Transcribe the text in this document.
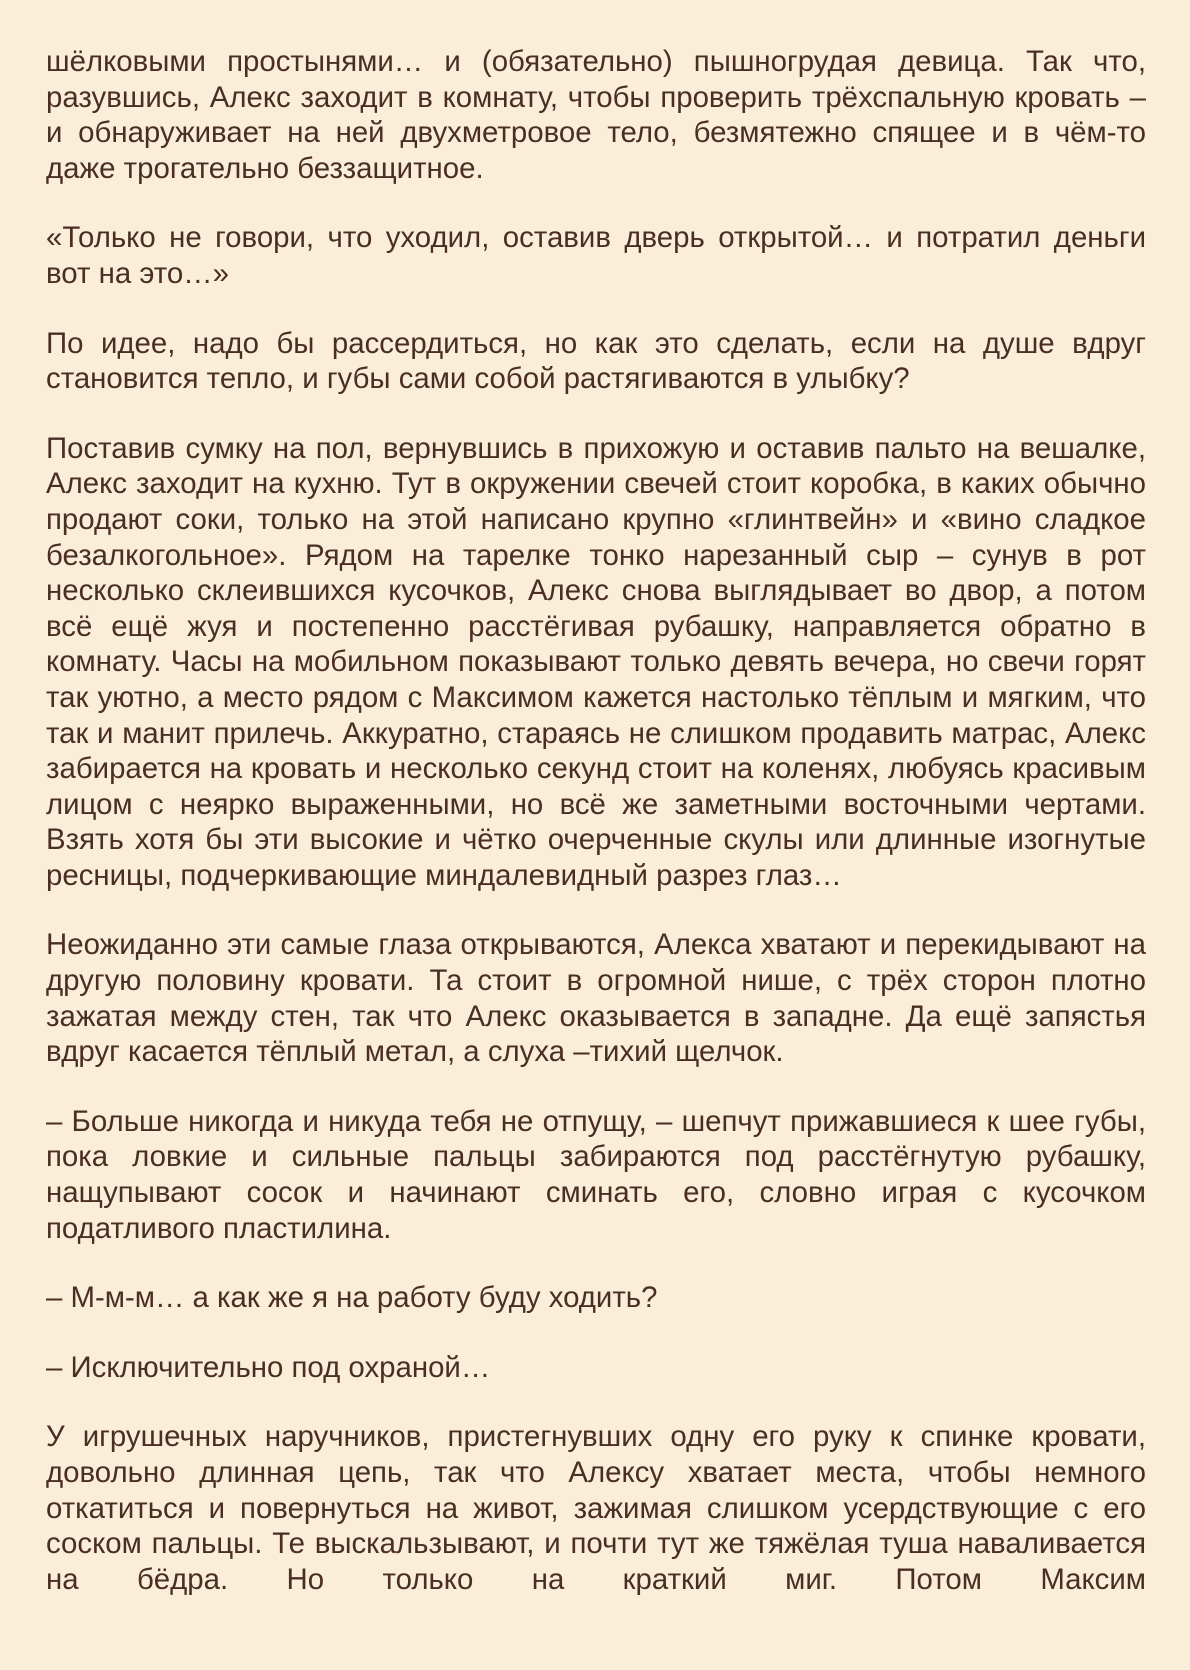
шёлковыми простынями… и (обязательно) пышногрудая девица. Так что, разувшись, Алекс заходит в комнату, чтобы проверить трёхспальную кровать – и обнаруживает на ней двухметровое тело, безмятежно спящее и в чём-то даже трогательно беззащитное.

«Только не говори, что уходил, оставив дверь открытой… и потратил деньги вот на это…»

По идее, надо бы рассердиться, но как это сделать, если на душе вдруг становится тепло, и губы сами собой растягиваются в улыбку?

Поставив сумку на пол, вернувшись в прихожую и оставив пальто на вешалке, Алекс заходит на кухню. Тут в окружении свечей стоит коробка, в каких обычно продают соки, только на этой написано крупно «глинтвейн» и «вино сладкое безалкогольное». Рядом на тарелке тонко нарезанный сыр – сунув в рот несколько склеившихся кусочков, Алекс снова выглядывает во двор, а потом всё ещё жуя и постепенно расстёгивая рубашку, направляется обратно в комнату. Часы на мобильном показывают только девять вечера, но свечи горят так уютно, а место рядом с Максимом кажется настолько тёплым и мягким, что так и манит прилечь. Аккуратно, стараясь не слишком продавить матрас, Алекс забирается на кровать и несколько секунд стоит на коленях, любуясь красивым лицом с неярко выраженными, но всё же заметными восточными чертами. Взять хотя бы эти высокие и чётко очерченные скулы или длинные изогнутые ресницы, подчеркивающие миндалевидный разрез глаз…

Неожиданно эти самые глаза открываются, Алекса хватают и перекидывают на другую половину кровати. Та стоит в огромной нише, с трёх сторон плотно зажатая между стен, так что Алекс оказывается в западне. Да ещё запястья вдруг касается тёплый метал, а слуха –тихий щелчок.

– Больше никогда и никуда тебя не отпущу, – шепчут прижавшиеся к шее губы, пока ловкие и сильные пальцы забираются под расстёгнутую рубашку, нащупывают сосок и начинают сминать его, словно играя с кусочком податливого пластилина.

– М-м-м… а как же я на работу буду ходить?

– Исключительно под охраной…

У игрушечных наручников, пристегнувших одну его руку к спинке кровати, довольно длинная цепь, так что Алексу хватает места, чтобы немного откатиться и повернуться на живот, зажимая слишком усердствующие с его соском пальцы. Те выскальзывают, и почти тут же тяжёлая туша наваливается на бёдра. Но только на краткий миг. Потом Максим
